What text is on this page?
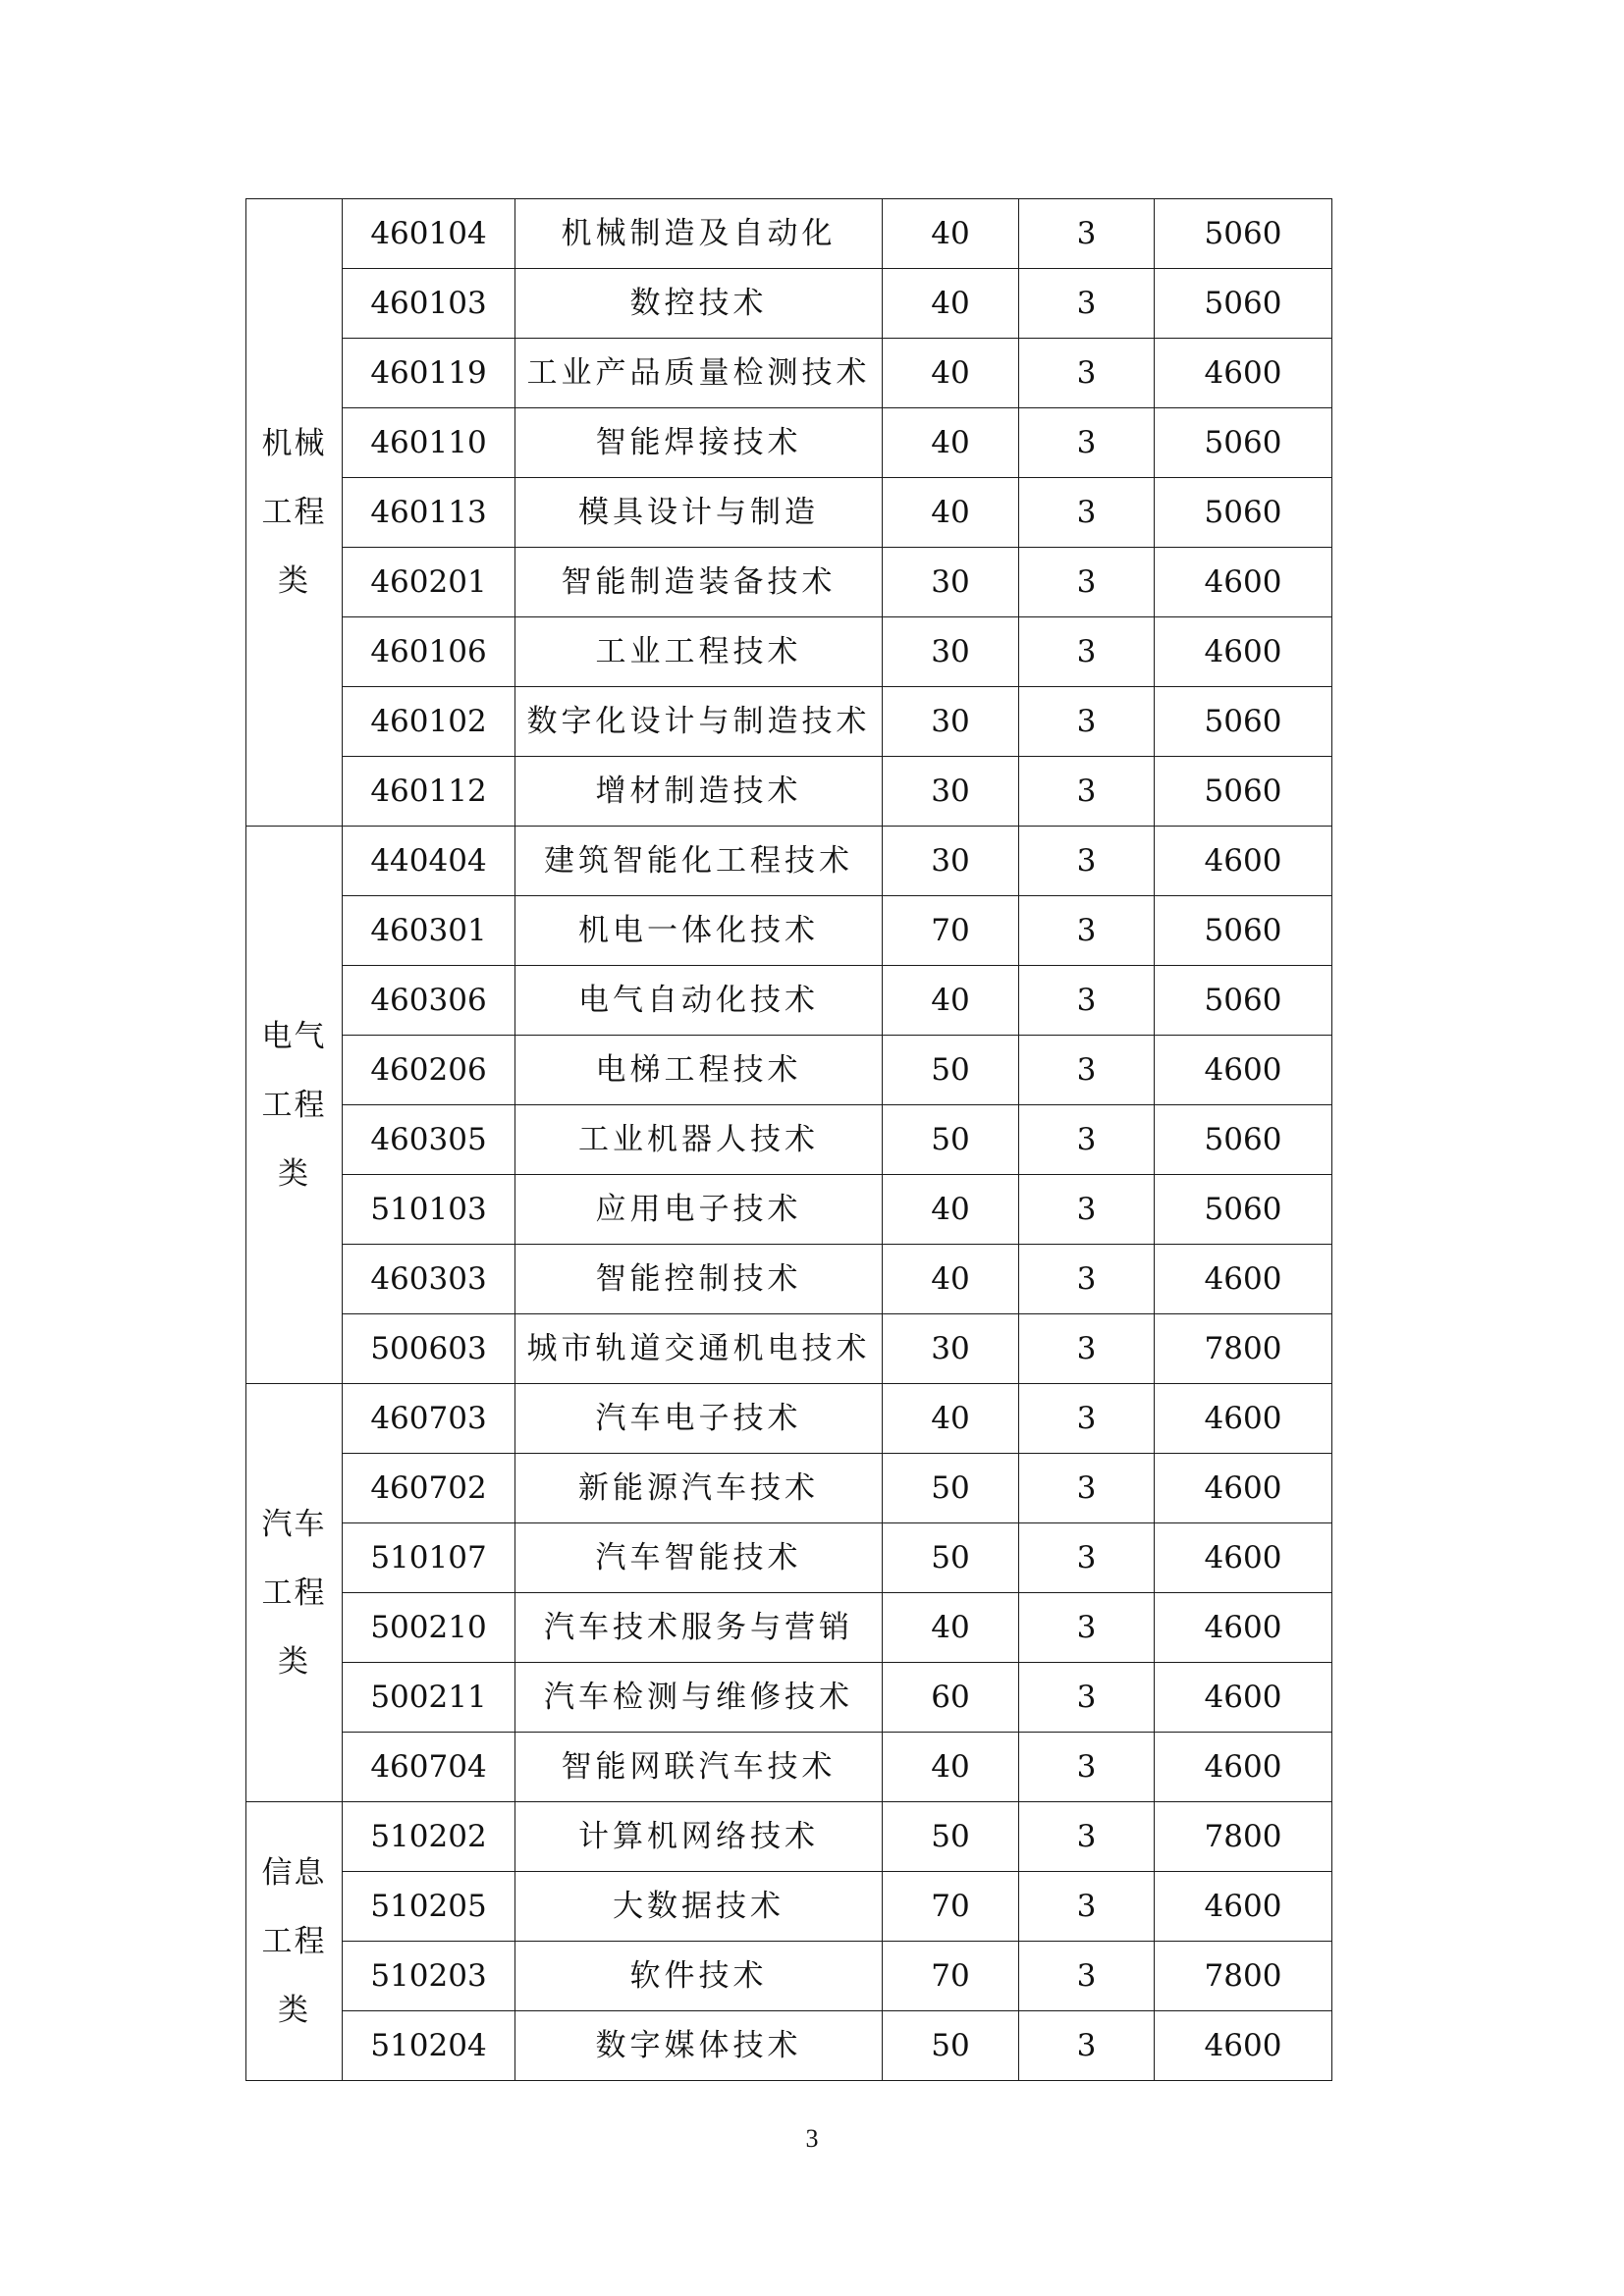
机械工程类	460104	机械制造及自动化	40	3	5060
	460103	数控技术	40	3	5060
	460119	工业产品质量检测技术	40	3	4600
	460110	智能焊接技术	40	3	5060
	460113	模具设计与制造	40	3	5060
	460201	智能制造装备技术	30	3	4600
	460106	工业工程技术	30	3	4600
	460102	数字化设计与制造技术	30	3	5060
	460112	增材制造技术	30	3	5060
电气工程类	440404	建筑智能化工程技术	30	3	4600
	460301	机电一体化技术	70	3	5060
	460306	电气自动化技术	40	3	5060
	460206	电梯工程技术	50	3	4600
	460305	工业机器人技术	50	3	5060
	510103	应用电子技术	40	3	5060
	460303	智能控制技术	40	3	4600
	500603	城市轨道交通机电技术	30	3	7800
汽车工程类	460703	汽车电子技术	40	3	4600
	460702	新能源汽车技术	50	3	4600
	510107	汽车智能技术	50	3	4600
	500210	汽车技术服务与营销	40	3	4600
	500211	汽车检测与维修技术	60	3	4600
	460704	智能网联汽车技术	40	3	4600
信息工程类	510202	计算机网络技术	50	3	7800
	510205	大数据技术	70	3	4600
	510203	软件技术	70	3	7800
	510204	数字媒体技术	50	3	4600
3
